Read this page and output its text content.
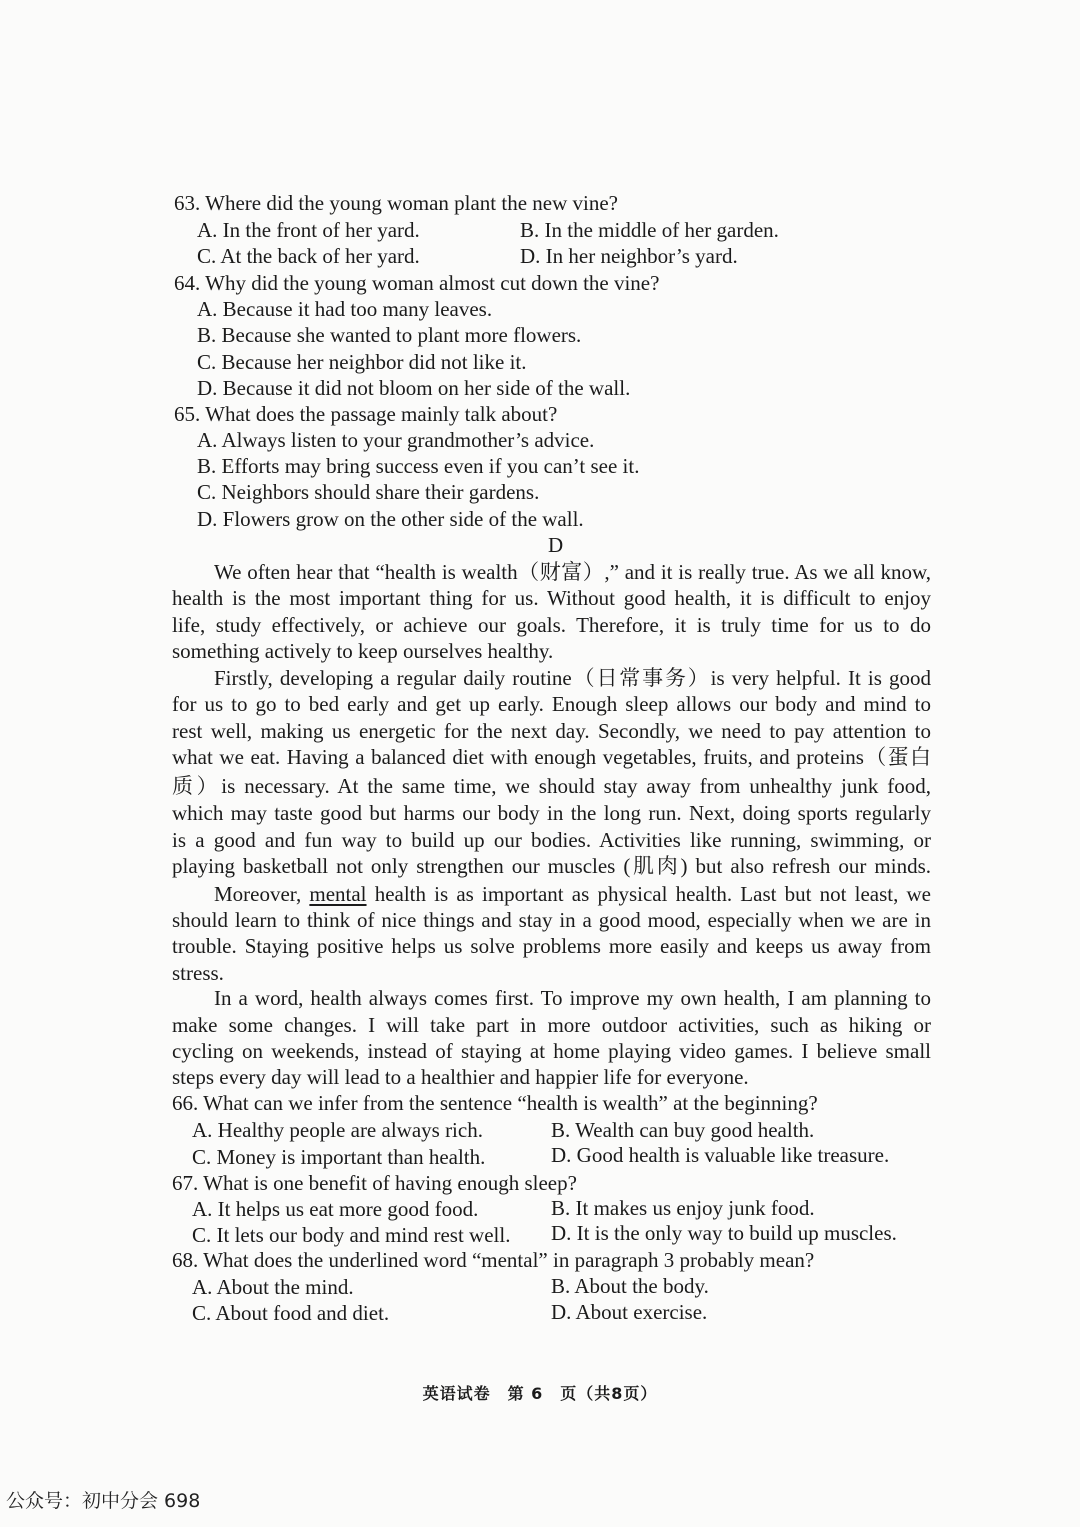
63. Where did the young woman plant the new vine?
A. In the front of her yard.	B. In the middle of her garden.
C. At the back of her yard.	D. In her neighbor’s yard.
64. Why did the young woman almost cut down the vine?
A. Because it had too many leaves.
B. Because she wanted to plant more flowers.
C. Because her neighbor did not like it.
D. Because it did not bloom on her side of the wall.
65. What does the passage mainly talk about?
A. Always listen to your grandmother’s advice.
B. Efforts may bring success even if you can’t see it.
C. Neighbors should share their gardens.
D. Flowers grow on the other side of the wall.
D
We often hear that “health is wealth（财富）,” and it is really true. As we all know,
health is the most important thing for us. Without good health, it is difficult to enjoy
life, study effectively, or achieve our goals. Therefore, it is truly time for us to do
something actively to keep ourselves healthy.
Firstly, developing a regular daily routine（日常事务）is very helpful. It is good
for us to go to bed early and get up early. Enough sleep allows our body and mind to
rest well, making us energetic for the next day. Secondly, we need to pay attention to
what we eat. Having a balanced diet with enough vegetables, fruits, and proteins（蛋白
质）is necessary. At the same time, we should stay away from unhealthy junk food,
which may taste good but harms our body in the long run. Next, doing sports regularly
is a good and fun way to build up our bodies. Activities like running, swimming, or
playing basketball not only strengthen our muscles (肌肉) but also refresh our minds.
Moreover, mental health is as important as physical health. Last but not least, we
should learn to think of nice things and stay in a good mood, especially when we are in
trouble. Staying positive helps us solve problems more easily and keeps us away from
stress.
In a word, health always comes first. To improve my own health, I am planning to
make some changes. I will take part in more outdoor activities, such as hiking or
cycling on weekends, instead of staying at home playing video games. I believe small
steps every day will lead to a healthier and happier life for everyone.
66. What can we infer from the sentence “health is wealth” at the beginning?
A. Healthy people are always rich.	B. Wealth can buy good health.
C. Money is important than health.	D. Good health is valuable like treasure.
67. What is one benefit of having enough sleep?
A. It helps us eat more good food.	B. It makes us enjoy junk food.
C. It lets our body and mind rest well. D. It is the only way to build up muscles.
68. What does the underlined word “mental” in paragraph 3 probably mean?
A. About the mind.	B. About the body.
C. About food and diet.	D. About exercise.
英语试卷　第 6　页（共8页）
公众号：初中分会 698
